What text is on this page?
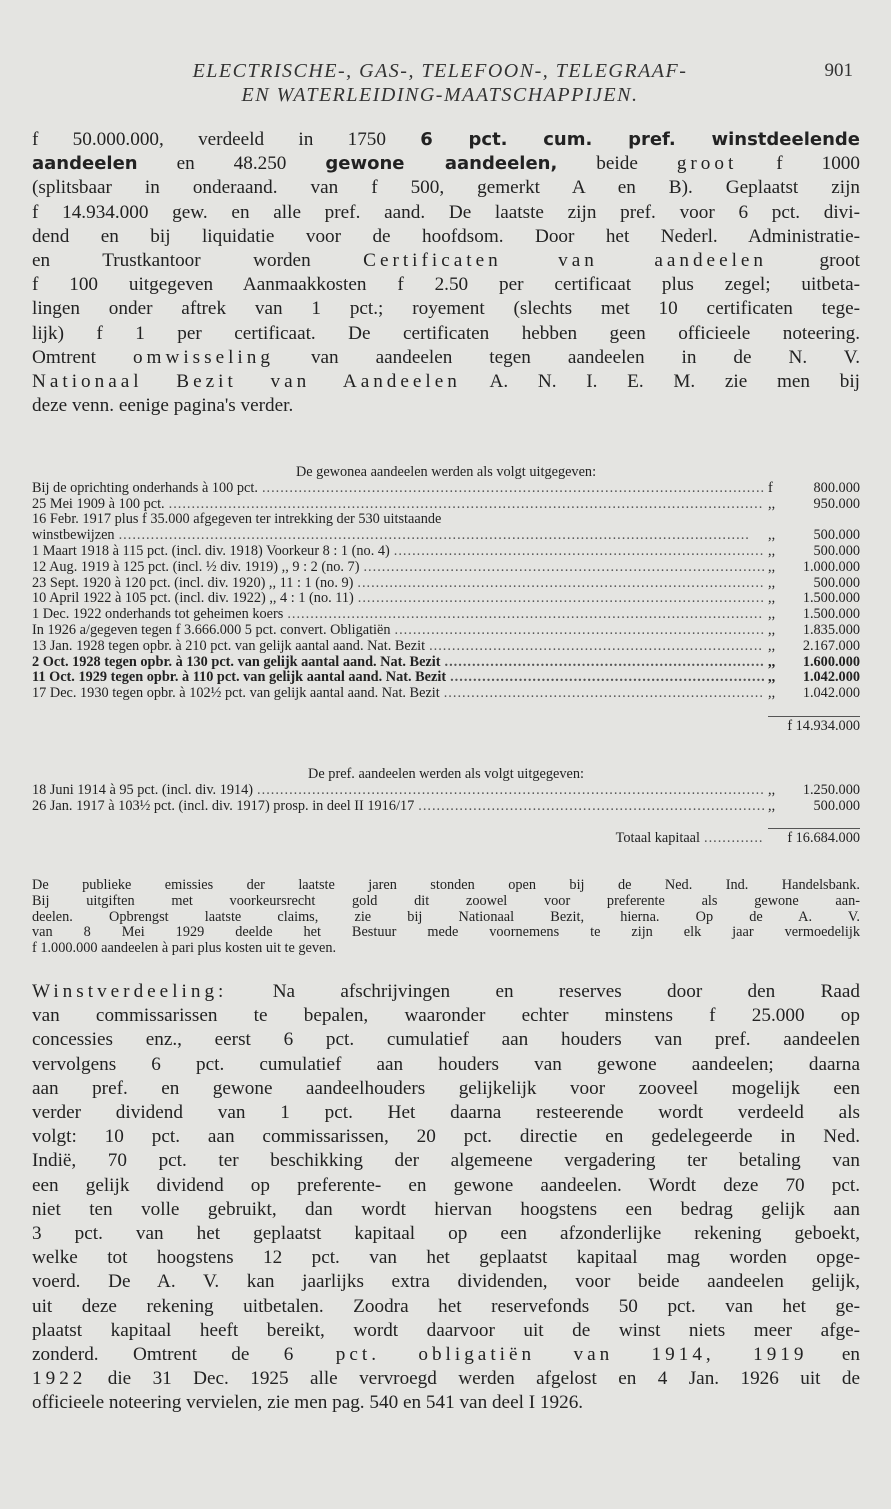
ELECTRISCHE-, GAS-, TELEFOON-, TELEGRAAF-
EN WATERLEIDING-MAATSCHAPPIJEN.
901
f 50.000.000, verdeeld in 1750 6 pct. cum. pref. winstdeelende
aandeelen en 48.250 gewone aandeelen, beide groot f 1000
(splitsbaar in onderaand. van f 500, gemerkt A en B). Geplaatst zijn
f 14.934.000 gew. en alle pref. aand. De laatste zijn pref. voor 6 pct. divi-
dend en bij liquidatie voor de hoofdsom. Door het Nederl. Administratie-
en Trustkantoor worden Certificaten van aandeelen groot
f 100 uitgegeven Aanmaakkosten f 2.50 per certificaat plus zegel; uitbeta-
lingen onder aftrek van 1 pct.; royement (slechts met 10 certificaten tege-
lijk) f 1 per certificaat. De certificaten hebben geen officieele noteering.
Omtrent omwisseling van aandeelen tegen aandeelen in de N. V.
Nationaal Bezit van Aandeelen A. N. I. E. M. zie men bij
deze venn. eenige pagina's verder.
De gewonea aandeelen werden als volgt uitgegeven:
Bij de oprichting onderhands à 100 pct. .....	f	800.000
25 Mei 1909 à 100 pct. .....	,,	950.000
16 Febr. 1917 plus f 35.000 afgegeven ter intrekking der 530 uitstaande
winstbewijzen .....	,,	500.000
1 Maart 1918 à 115 pct. (incl. div. 1918) Voorkeur 8 : 1 (no. 4) .....	,,	500.000
12 Aug. 1919 à 125 pct. (incl. ½ div. 1919) ,, 9 : 2 (no. 7) .....	,,	1.000.000
23 Sept. 1920 à 120 pct. (incl. div. 1920) ,, 11 : 1 (no. 9) .....	,,	500.000
10 April 1922 à 105 pct. (incl. div. 1922) ,, 4 : 1 (no. 11) .....	,,	1.500.000
1 Dec. 1922 onderhands tot geheimen koers .....	,,	1.500.000
In 1926 a/gegeven tegen f 3.666.000 5 pct. convert. Obligatiën .....	,,	1.835.000
13 Jan. 1928 tegen opbr. à 210 pct. van gelijk aantal aand. Nat. Bezit .....	,,	2.167.000
2 Oct. 1928 tegen opbr. à 130 pct. van gelijk aantal aand. Nat. Bezit .....	,,	1.600.000
11 Oct. 1929 tegen opbr. à 110 pct. van gelijk aantal aand. Nat. Bezit .....	,,	1.042.000
17 Dec. 1930 tegen opbr. à 102½ pct. van gelijk aantal aand. Nat. Bezit .....	,,	1.042.000
f 14.934.000
De pref. aandeelen werden als volgt uitgegeven:
18 Juni 1914 à 95 pct. (incl. div. 1914) .....	,,	1.250.000
26 Jan. 1917 à 103½ pct. (incl. div. 1917) prosp. in deel II 1916/17 .....	,,	500.000
Totaal kapitaal .....	f 16.684.000
De publieke emissies der laatste jaren stonden open bij de Ned. Ind. Handelsbank.
Bij uitgiften met voorkeursrecht gold dit zoowel voor preferente als gewone aan-
deelen. Opbrengst laatste claims, zie bij Nationaal Bezit, hierna. Op de A. V.
van 8 Mei 1929 deelde het Bestuur mede voornemens te zijn elk jaar vermoedelijk
f 1.000.000 aandeelen à pari plus kosten uit te geven.
Winstverdeeling: Na afschrijvingen en reserves door den Raad
van commissarissen te bepalen, waaronder echter minstens f 25.000 op
concessies enz., eerst 6 pct. cumulatief aan houders van pref. aandeelen
vervolgens 6 pct. cumulatief aan houders van gewone aandeelen; daarna
aan pref. en gewone aandeelhouders gelijkelijk voor zooveel mogelijk een
verder dividend van 1 pct. Het daarna resteerende wordt verdeeld als
volgt: 10 pct. aan commissarissen, 20 pct. directie en gedelegeerde in Ned.
Indië, 70 pct. ter beschikking der algemeene vergadering ter betaling van
een gelijk dividend op preferente- en gewone aandeelen. Wordt deze 70 pct.
niet ten volle gebruikt, dan wordt hiervan hoogstens een bedrag gelijk aan
3 pct. van het geplaatst kapitaal op een afzonderlijke rekening geboekt,
welke tot hoogstens 12 pct. van het geplaatst kapitaal mag worden opge-
voerd. De A. V. kan jaarlijks extra dividenden, voor beide aandeelen gelijk,
uit deze rekening uitbetalen. Zoodra het reservefonds 50 pct. van het ge-
plaatst kapitaal heeft bereikt, wordt daarvoor uit de winst niets meer afge-
zonderd. Omtrent de 6 pct. obligatiën van 1914, 1919 en
1922 die 31 Dec. 1925 alle vervroegd werden afgelost en 4 Jan. 1926 uit de
officieele noteering vervielen, zie men pag. 540 en 541 van deel I 1926.
